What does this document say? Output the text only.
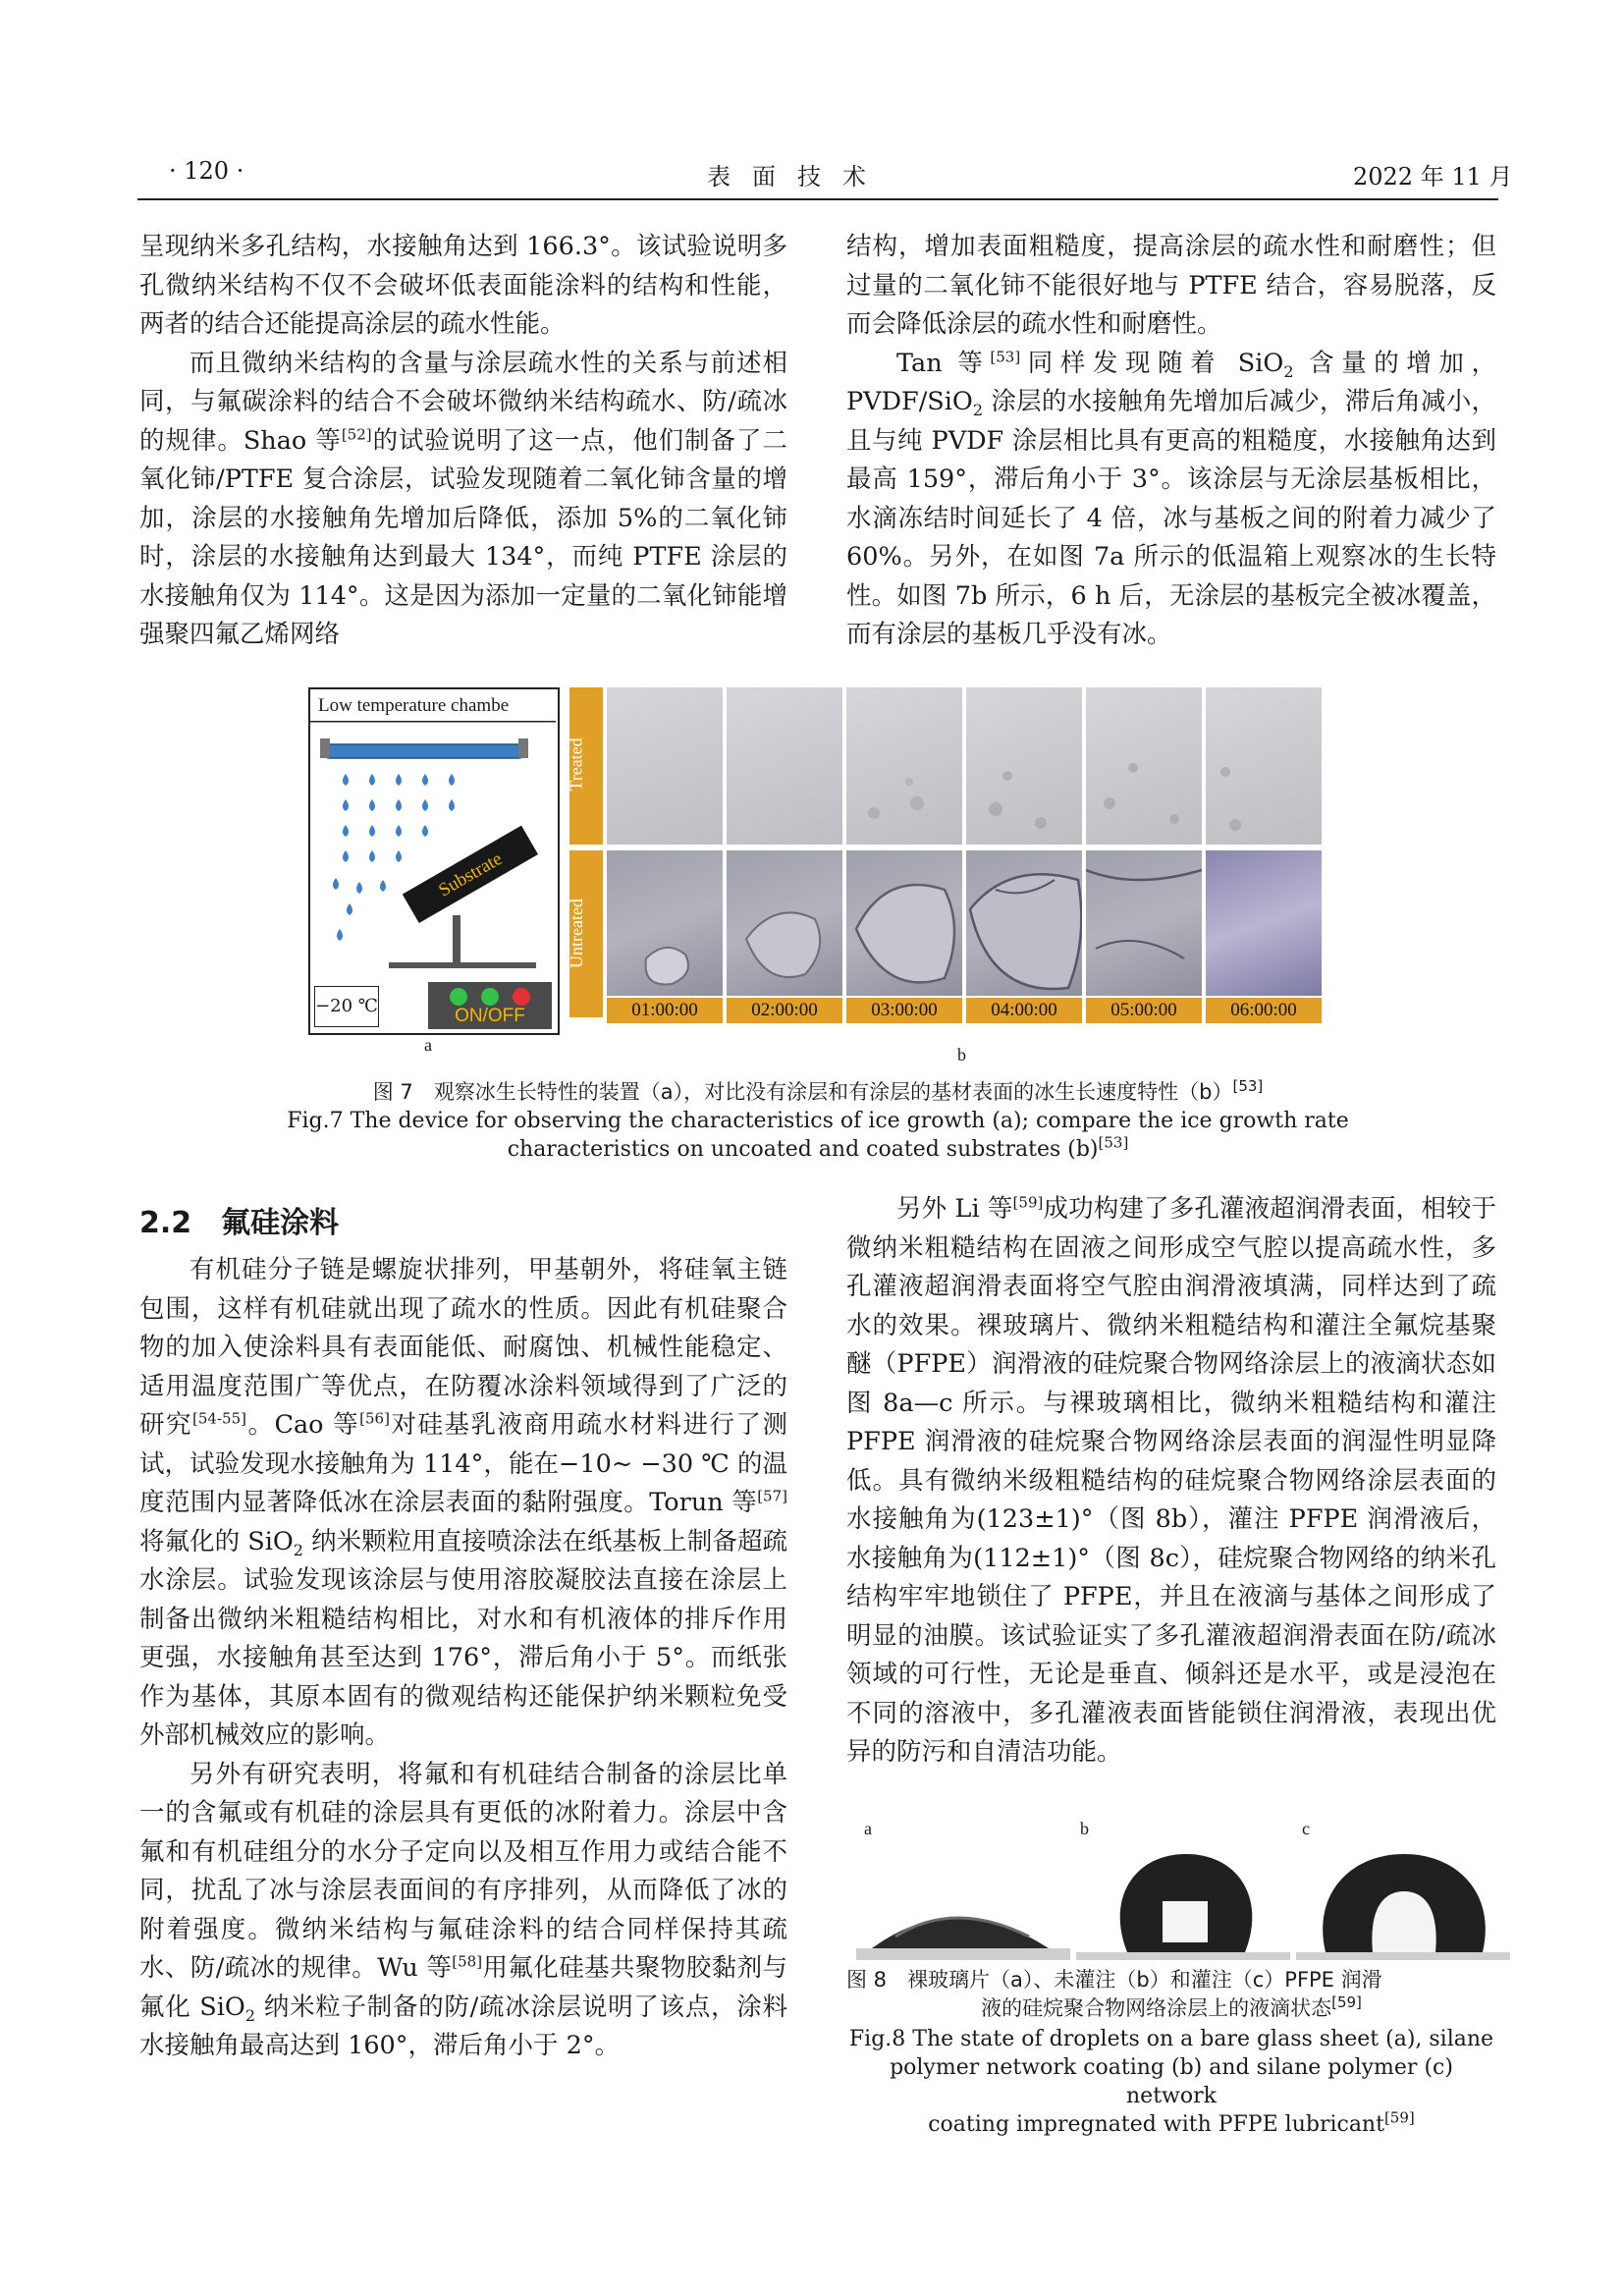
· 120 ·	表面技术	2022 年 11 月

呈现纳米多孔结构，水接触角达到 166.3°。该试验说明多孔微纳米结构不仅不会破坏低表面能涂料的结构和性能，两者的结合还能提高涂层的疏水性能。

而且微纳米结构的含量与涂层疏水性的关系与前述相同，与氟碳涂料的结合不会破坏微纳米结构疏水、防/疏冰的规律。Shao 等[52]的试验说明了这一点，他们制备了二氧化铈/PTFE 复合涂层，试验发现随着二氧化铈含量的增加，涂层的水接触角先增加后降低，添加 5%的二氧化铈时，涂层的水接触角达到最大 134°，而纯 PTFE 涂层的水接触角仅为 114°。这是因为添加一定量的二氧化铈能增强聚四氟乙烯网络

结构，增加表面粗糙度，提高涂层的疏水性和耐磨性；但过量的二氧化铈不能很好地与 PTFE 结合，容易脱落，反而会降低涂层的疏水性和耐磨性。

Tan 等[53]同样发现随着 SiO$_2$ 含量的增加，PVDF/SiO$_2$ 涂层的水接触角先增加后减少，滞后角减小，且与纯 PVDF 涂层相比具有更高的粗糙度，水接触角达到最高 159°，滞后角小于 3°。该涂层与无涂层基板相比，水滴冻结时间延长了 4 倍，冰与基板之间的附着力减少了 60%。另外，在如图 7a 所示的低温箱上观察冰的生长特性。如图 7b 所示，6 h 后，无涂层的基板完全被冰覆盖，而有涂层的基板几乎没有冰。

Low temperature chambe
Substrate
−20 ℃	ON/OFF
a
Treated
Untreated
01:00:00	02:00:00	03:00:00	04:00:00	05:00:00	06:00:00
b
图 7　观察冰生长特性的装置（a），对比没有涂层和有涂层的基材表面的冰生长速度特性（b）[53]
Fig.7 The device for observing the characteristics of ice growth (a); compare the ice growth rate
characteristics on uncoated and coated substrates (b)[53]
2.2 氟硅涂料

有机硅分子链是螺旋状排列，甲基朝外，将硅氧主链包围，这样有机硅就出现了疏水的性质。因此有机硅聚合物的加入使涂料具有表面能低、耐腐蚀、机械性能稳定、适用温度范围广等优点，在防覆冰涂料领域得到了广泛的研究[54-55]。Cao 等[56]对硅基乳液商用疏水材料进行了测试，试验发现水接触角为 114°，能在−10~ −30 ℃ 的温度范围内显著降低冰在涂层表面的黏附强度。Torun 等[57]将氟化的 SiO$_2$ 纳米颗粒用直接喷涂法在纸基板上制备超疏水涂层。试验发现该涂层与使用溶胶凝胶法直接在涂层上制备出微纳米粗糙结构相比，对水和有机液体的排斥作用更强，水接触角甚至达到 176°，滞后角小于 5°。而纸张作为基体，其原本固有的微观结构还能保护纳米颗粒免受外部机械效应的影响。

另外有研究表明，将氟和有机硅结合制备的涂层比单一的含氟或有机硅的涂层具有更低的冰附着力。涂层中含氟和有机硅组分的水分子定向以及相互作用力或结合能不同，扰乱了冰与涂层表面间的有序排列，从而降低了冰的附着强度。微纳米结构与氟硅涂料的结合同样保持其疏水、防/疏冰的规律。Wu 等[58]用氟化硅基共聚物胶黏剂与氟化 SiO$_2$ 纳米粒子制备的防/疏冰涂层说明了该点，涂料水接触角最高达到 160°，滞后角小于 2°。

另外 Li 等[59]成功构建了多孔灌液超润滑表面，相较于微纳米粗糙结构在固液之间形成空气腔以提高疏水性，多孔灌液超润滑表面将空气腔由润滑液填满，同样达到了疏水的效果。裸玻璃片、微纳米粗糙结构和灌注全氟烷基聚醚（PFPE）润滑液的硅烷聚合物网络涂层上的液滴状态如图 8a—c 所示。与裸玻璃相比，微纳米粗糙结构和灌注 PFPE 润滑液的硅烷聚合物网络涂层表面的润湿性明显降低。具有微纳米级粗糙结构的硅烷聚合物网络涂层表面的水接触角为(123±1)°（图 8b），灌注 PFPE 润滑液后，水接触角为(112±1)°（图 8c），硅烷聚合物网络的纳米孔结构牢牢地锁住了 PFPE，并且在液滴与基体之间形成了明显的油膜。该试验证实了多孔灌液超润滑表面在防/疏冰领域的可行性，无论是垂直、倾斜还是水平，或是浸泡在不同的溶液中，多孔灌液表面皆能锁住润滑液，表现出优异的防污和自清洁功能。

a	b	c
图 8　裸玻璃片（a）、未灌注（b）和灌注（c）PFPE 润滑
液的硅烷聚合物网络涂层上的液滴状态[59]
Fig.8 The state of droplets on a bare glass sheet (a), silane
polymer network coating (b) and silane polymer (c) network
coating impregnated with PFPE lubricant[59]
